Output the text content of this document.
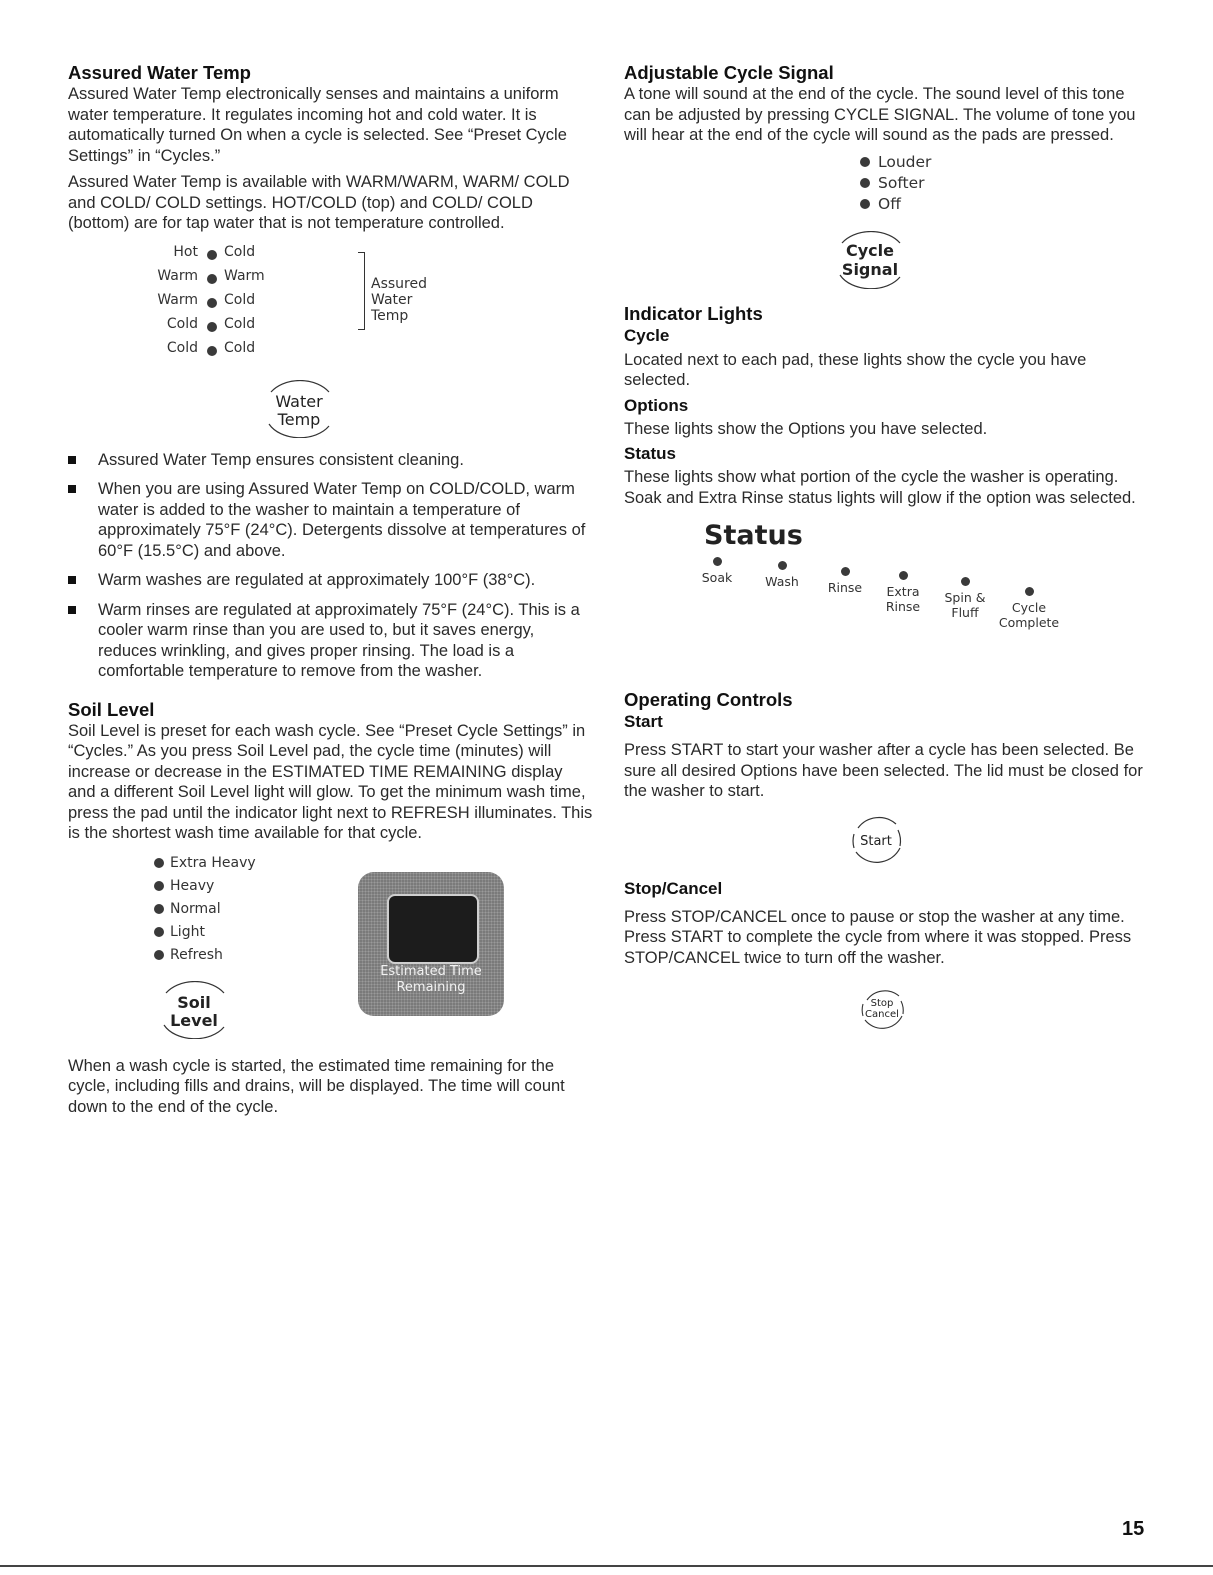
Assured Water Temp

Assured Water Temp electronically senses and maintains a uniform water temperature. It regulates incoming hot and cold water. It is automatically turned On when a cycle is selected. See “Preset Cycle Settings” in “Cycles.”

Assured Water Temp is available with WARM/WARM, WARM/ COLD and COLD/ COLD settings. HOT/COLD (top) and COLD/ COLD (bottom) are for tap water that is not temperature controlled.

Hot Cold
Warm Warm
Warm Cold
Cold Cold
Cold Cold
Assured
Water
Temp
Water
Temp
Assured Water Temp ensures consistent cleaning.
When you are using Assured Water Temp on COLD/COLD, warm water is added to the washer to maintain a temperature of approximately 75°F (24°C). Detergents dissolve at temperatures of 60°F (15.5°C) and above.
Warm washes are regulated at approximately 100°F (38°C).
Warm rinses are regulated at approximately 75°F (24°C). This is a cooler warm rinse than you are used to, but it saves energy, reduces wrinkling, and gives proper rinsing. The load is a comfortable temperature to remove from the washer.
Soil Level

Soil Level is preset for each wash cycle. See “Preset Cycle Settings” in “Cycles.” As you press Soil Level pad, the cycle time (minutes) will increase or decrease in the ESTIMATED TIME REMAINING display and a different Soil Level light will glow. To get the minimum wash time, press the pad until the indicator light next to REFRESH illuminates. This is the shortest wash time available for that cycle.

Extra Heavy
Heavy
Normal
Light
Refresh
Soil
Level
Estimated Time
Remaining

When a wash cycle is started, the estimated time remaining for the cycle, including fills and drains, will be displayed. The time will count down to the end of the cycle.

Adjustable Cycle Signal

A tone will sound at the end of the cycle. The sound level of this tone can be adjusted by pressing CYCLE SIGNAL. The volume of tone you will hear at the end of the cycle will sound as the pads are pressed.

Louder
Softer
Off
Cycle
Signal
Indicator Lights
Cycle

Located next to each pad, these lights show the cycle you have selected.

Options

These lights show the Options you have selected.

Status

These lights show what portion of the cycle the washer is operating. Soak and Extra Rinse status lights will glow if the option was selected.

Status
Soak	Wash	Rinse	Extra
Rinse
Spin &
Fluff	Cycle
Complete
Operating Controls
Start

Press START to start your washer after a cycle has been selected. Be sure all desired Options have been selected. The lid must be closed for the washer to start.

Start
Stop/Cancel

Press STOP/CANCEL once to pause or stop the washer at any time. Press START to complete the cycle from where it was stopped. Press STOP/CANCEL twice to turn off the washer.

Stop
Cancel
15
